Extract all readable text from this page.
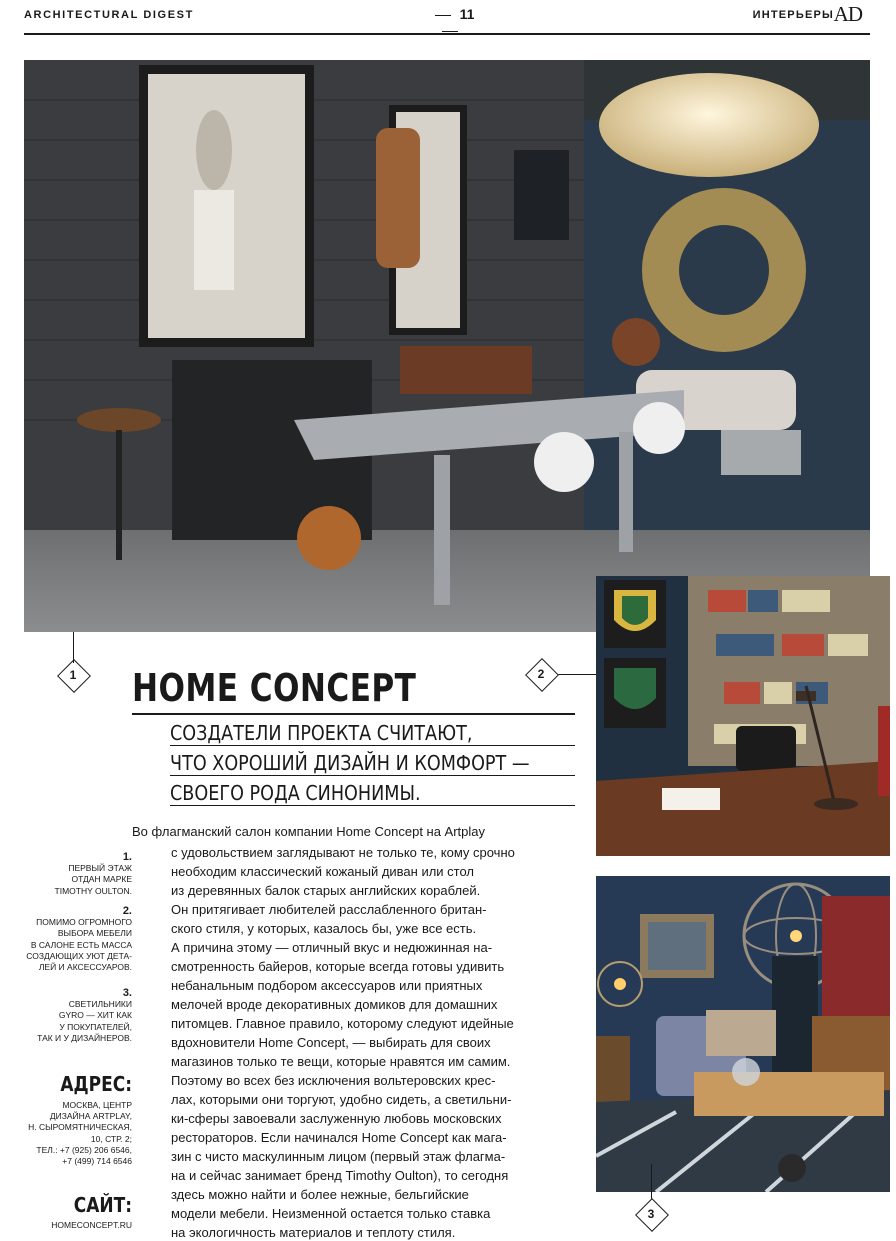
ARCHITECTURAL DIGEST	11	ИНТЕРЬЕРЫ AD
1	2
3
HOME CONCEPT
СОЗДАТЕЛИ ПРОЕКТА СЧИТАЮТ,
ЧТО ХОРОШИЙ ДИЗАЙН И КОМФОРТ —
СВОЕГО РОДА СИНОНИМЫ.
Во флагманский салон компании Home Concept на Artplay
с удовольствием заглядывают не только те, кому срочно
необходим классический кожаный диван или стол
из деревянных балок старых английских кораблей.
Он притягивает любителей расслабленного британ-
ского стиля, у которых, казалось бы, уже все есть.
А причина этому — отличный вкус и недюжинная на-
смотренность байеров, которые всегда готовы удивить
небанальным подбором аксессуаров или приятных
мелочей вроде декоративных домиков для домашних
питомцев. Главное правило, которому следуют идейные
вдохновители Home Concept, — выбирать для своих
магазинов только те вещи, которые нравятся им самим.
Поэтому во всех без исключения вольтеровских крес-
лах, которыми они торгуют, удобно сидеть, а светильни-
ки-сферы завоевали заслуженную любовь московских
рестораторов. Если начинался Home Concept как мага-
зин с чисто маскулинным лицом (первый этаж флагма-
на и сейчас занимает бренд Timothy Oulton), то сегодня
здесь можно найти и более нежные, бельгийские
модели мебели. Неизменной остается только ставка
на экологичность материалов и теплоту стиля.
1.
ПЕРВЫЙ ЭТАЖ
ОТДАН МАРКЕ
TIMOTHY OULTON.
2.
ПОМИМО ОГРОМНОГО
ВЫБОРА МЕБЕЛИ
В САЛОНЕ ЕСТЬ МАССА
СОЗДАЮЩИХ УЮТ ДЕТА-
ЛЕЙ И АКСЕССУАРОВ.
3.
СВЕТИЛЬНИКИ
GYRO — ХИТ КАК
У ПОКУПАТЕЛЕЙ,
ТАК И У ДИЗАЙНЕРОВ.
АДРЕС:
МОСКВА, ЦЕНТР
ДИЗАЙНА ARTPLAY,
Н. СЫРОМЯТНИЧЕСКАЯ,
10, СТР. 2;
ТЕЛ.: +7 (925) 206 6546,
+7 (499) 714 6546
САЙТ:
HOMECONCEPT.RU
